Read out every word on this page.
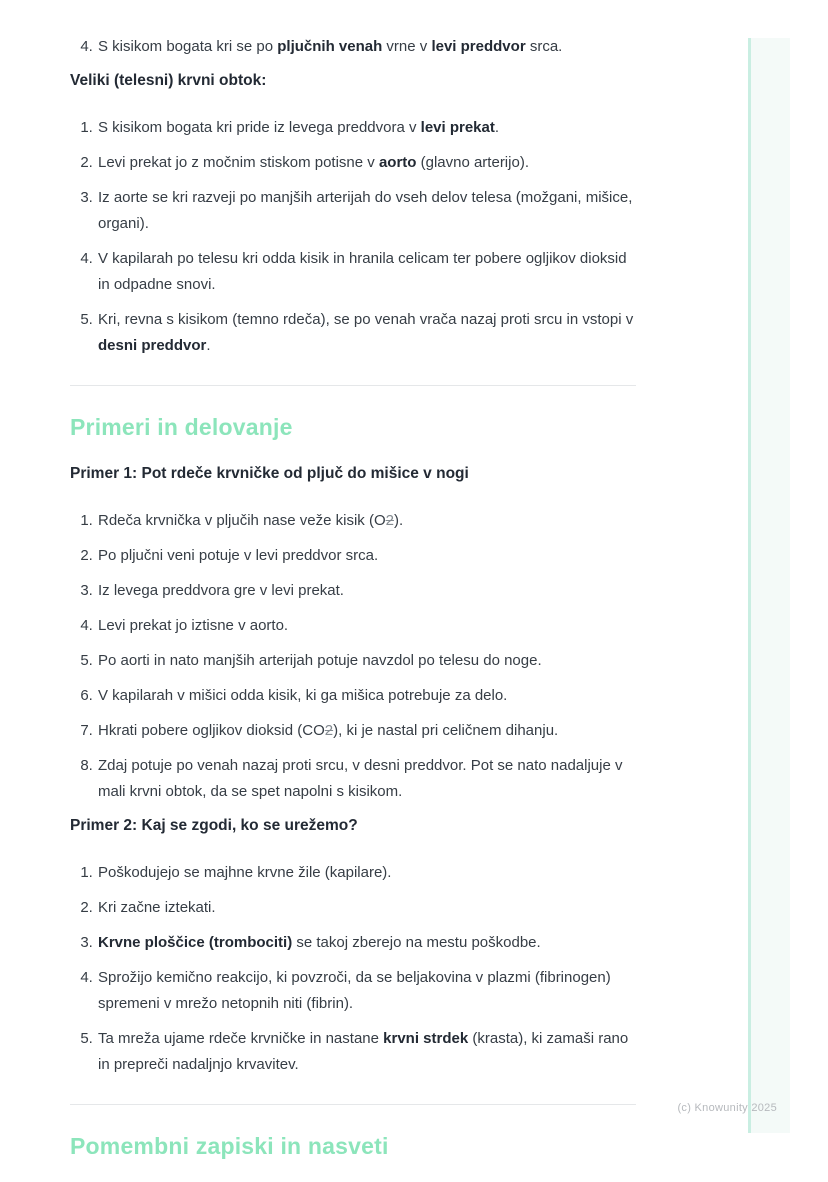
(c) Knowunity 2025
4. S kisikom bogata kri se po pljučnih venah vrne v levi preddvor srca.
Veliki (telesni) krvni obtok:
1. S kisikom bogata kri pride iz levega preddvora v levi prekat.
2. Levi prekat jo z močnim stiskom potisne v aorto (glavno arterijo).
3. Iz aorte se kri razveji po manjših arterijah do vseh delov telesa (možgani, mišice, organi).
4. V kapilarah po telesu kri odda kisik in hranila celicam ter pobere ogljikov dioksid in odpadne snovi.
5. Kri, revna s kisikom (temno rdeča), se po venah vrača nazaj proti srcu in vstopi v desni preddvor.
Primeri in delovanje
Primer 1: Pot rdeče krvničke od pljuč do mišice v nogi
1. Rdeča krvnička v pljučih nase veže kisik (O2).
2. Po pljučni veni potuje v levi preddvor srca.
3. Iz levega preddvora gre v levi prekat.
4. Levi prekat jo iztisne v aorto.
5. Po aorti in nato manjših arterijah potuje navzdol po telesu do noge.
6. V kapilarah v mišici odda kisik, ki ga mišica potrebuje za delo.
7. Hkrati pobere ogljikov dioksid (CO2), ki je nastal pri celičnem dihanju.
8. Zdaj potuje po venah nazaj proti srcu, v desni preddvor. Pot se nato nadaljuje v mali krvni obtok, da se spet napolni s kisikom.
Primer 2: Kaj se zgodi, ko se urežemo?
1. Poškodujejo se majhne krvne žile (kapilare).
2. Kri začne iztekati.
3. Krvne ploščice (trombociti) se takoj zberejo na mestu poškodbe.
4. Sprožijo kemično reakcijo, ki povzroči, da se beljakovina v plazmi (fibrinogen) spremeni v mrežo netopnih niti (fibrin).
5. Ta mreža ujame rdeče krvničke in nastane krvni strdek (krasta), ki zamaši rano in prepreči nadaljnjo krvavitev.
Pomembni zapiski in nasveti
